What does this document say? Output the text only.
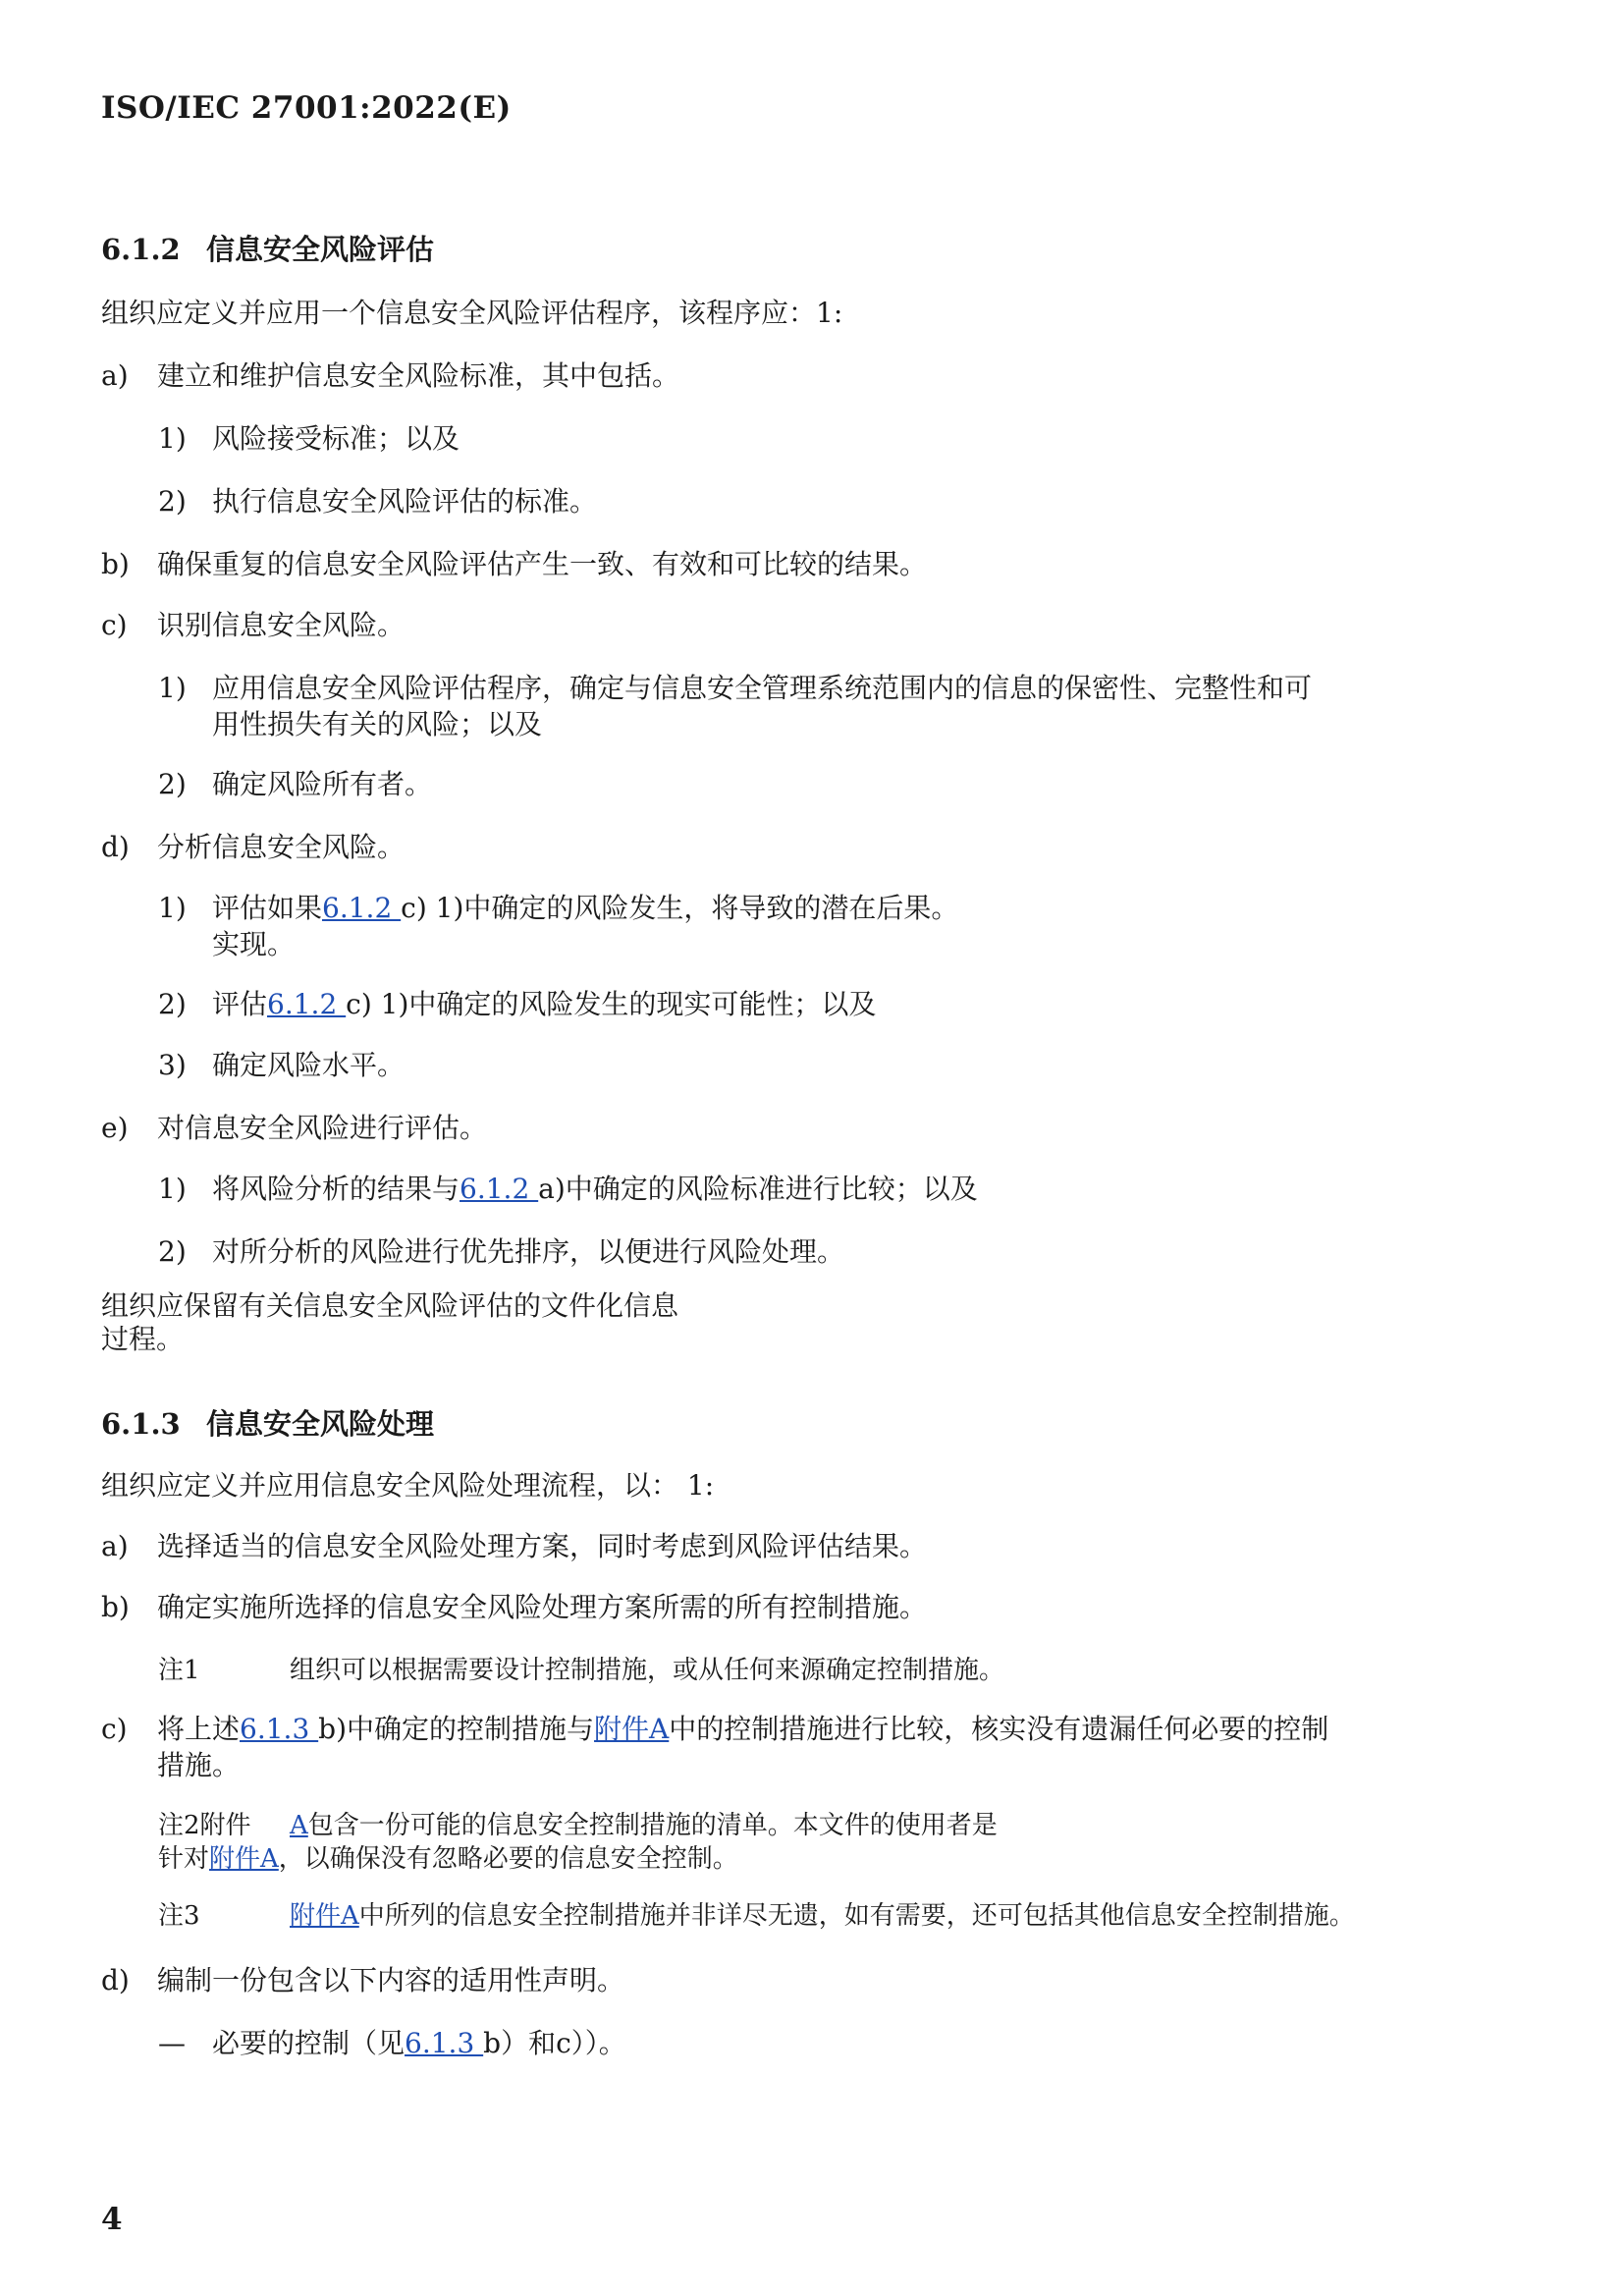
ISO/IEC 27001:2022(E)
6.1.2 信息安全风险评估
组织应定义并应用一个信息安全风险评估程序，该程序应：1:
a) 建立和维护信息安全风险标准，其中包括。
1) 风险接受标准；以及
2) 执行信息安全风险评估的标准。
b) 确保重复的信息安全风险评估产生一致、有效和可比较的结果。
c) 识别信息安全风险。
1) 应用信息安全风险评估程序，确定与信息安全管理系统范围内的信息的保密性、完整性和可
用性损失有关的风险；以及
2) 确定风险所有者。
d) 分析信息安全风险。
1) 评估如果6.1.2 c) 1)中确定的风险发生，将导致的潜在后果。
实现。
2) 评估6.1.2 c) 1)中确定的风险发生的现实可能性；以及
3) 确定风险水平。
e) 对信息安全风险进行评估。
1) 将风险分析的结果与6.1.2 a)中确定的风险标准进行比较；以及
2) 对所分析的风险进行优先排序，以便进行风险处理。
组织应保留有关信息安全风险评估的文件化信息
过程。
6.1.3 信息安全风险处理
组织应定义并应用信息安全风险处理流程，以： 1:
a) 选择适当的信息安全风险处理方案，同时考虑到风险评估结果。
b) 确定实施所选择的信息安全风险处理方案所需的所有控制措施。
注1	组织可以根据需要设计控制措施，或从任何来源确定控制措施。
c) 将上述6.1.3 b)中确定的控制措施与附件A中的控制措施进行比较，核实没有遗漏任何必要的控制
措施。
注2附件 A包含一份可能的信息安全控制措施的清单。本文件的使用者是
针对附件A，以确保没有忽略必要的信息安全控制。
注3	附件A中所列的信息安全控制措施并非详尽无遗，如有需要，还可包括其他信息安全控制措施。
d) 编制一份包含以下内容的适用性声明。
— 必要的控制（见6.1.3 b）和c））。
4
